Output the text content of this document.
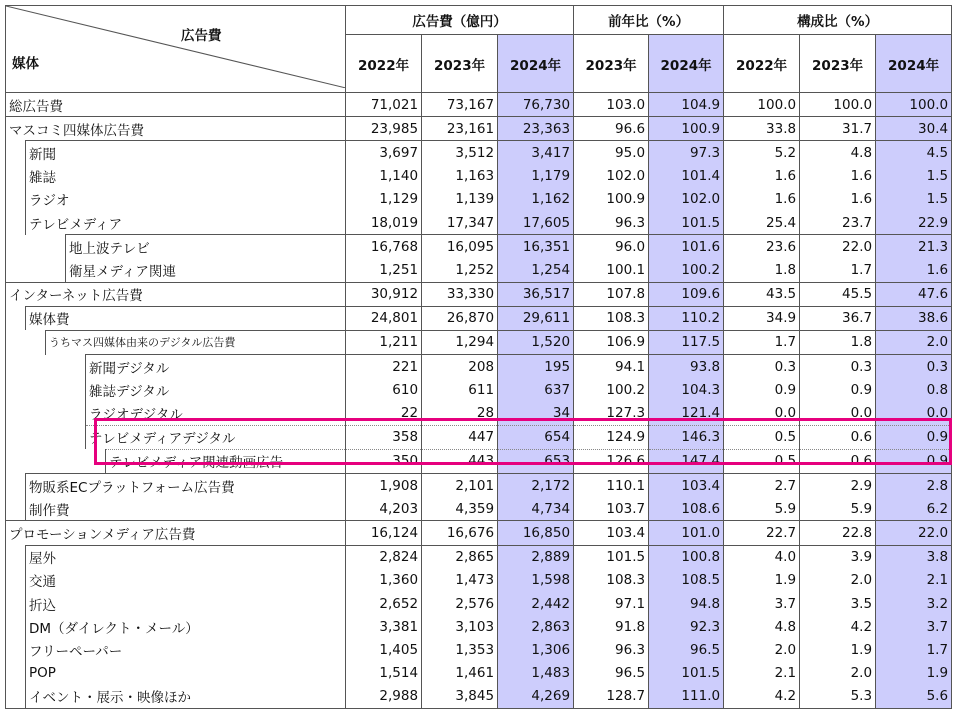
広告費
媒体						広告費（億円）			前年比（%）		構成比（%）		
						2022年	2023年	2024年	2023年	2024年	2022年	2023年	2024年
総広告費						71,021	73,167	76,730	103.0	104.9	100.0	100.0	100.0
マスコミ四媒体広告費						23,985	23,161	23,363	96.6	100.9	33.8	31.7	30.4
	新聞					3,697	3,512	3,417	95.0	97.3	5.2	4.8	4.5
	雑誌					1,140	1,163	1,179	102.0	101.4	1.6	1.6	1.5
	ラジオ					1,129	1,139	1,162	100.9	102.0	1.6	1.6	1.5
	テレビメディア					18,019	17,347	17,605	96.3	101.5	25.4	23.7	22.9
			地上波テレビ			16,768	16,095	16,351	96.0	101.6	23.6	22.0	21.3
			衛星メディア関連			1,251	1,252	1,254	100.1	100.2	1.8	1.7	1.6
インターネット広告費						30,912	33,330	36,517	107.8	109.6	43.5	45.5	47.6
	媒体費					24,801	26,870	29,611	108.3	110.2	34.9	36.7	38.6
		うちマス四媒体由来のデジタル広告費				1,211	1,294	1,520	106.9	117.5	1.7	1.8	2.0
				新聞デジタル		221	208	195	94.1	93.8	0.3	0.3	0.3
				雑誌デジタル		610	611	637	100.2	104.3	0.9	0.9	0.8
				ラジオデジタル		22	28	34	127.3	121.4	0.0	0.0	0.0
				テレビメディアデジタル		358	447	654	124.9	146.3	0.5	0.6	0.9
					テレビメディア関連動画広告	350	443	653	126.6	147.4	0.5	0.6	0.9
	物販系ECプラットフォーム広告費					1,908	2,101	2,172	110.1	103.4	2.7	2.9	2.8
	制作費					4,203	4,359	4,734	103.7	108.6	5.9	5.9	6.2
プロモーションメディア広告費						16,124	16,676	16,850	103.4	101.0	22.7	22.8	22.0
	屋外					2,824	2,865	2,889	101.5	100.8	4.0	3.9	3.8
	交通					1,360	1,473	1,598	108.3	108.5	1.9	2.0	2.1
	折込					2,652	2,576	2,442	97.1	94.8	3.7	3.5	3.2
	DM（ダイレクト・メール）					3,381	3,103	2,863	91.8	92.3	4.8	4.2	3.7
	フリーペーパー					1,405	1,353	1,306	96.3	96.5	2.0	1.9	1.7
	POP					1,514	1,461	1,483	96.5	101.5	2.1	2.0	1.9
	イベント・展示・映像ほか					2,988	3,845	4,269	128.7	111.0	4.2	5.3	5.6
